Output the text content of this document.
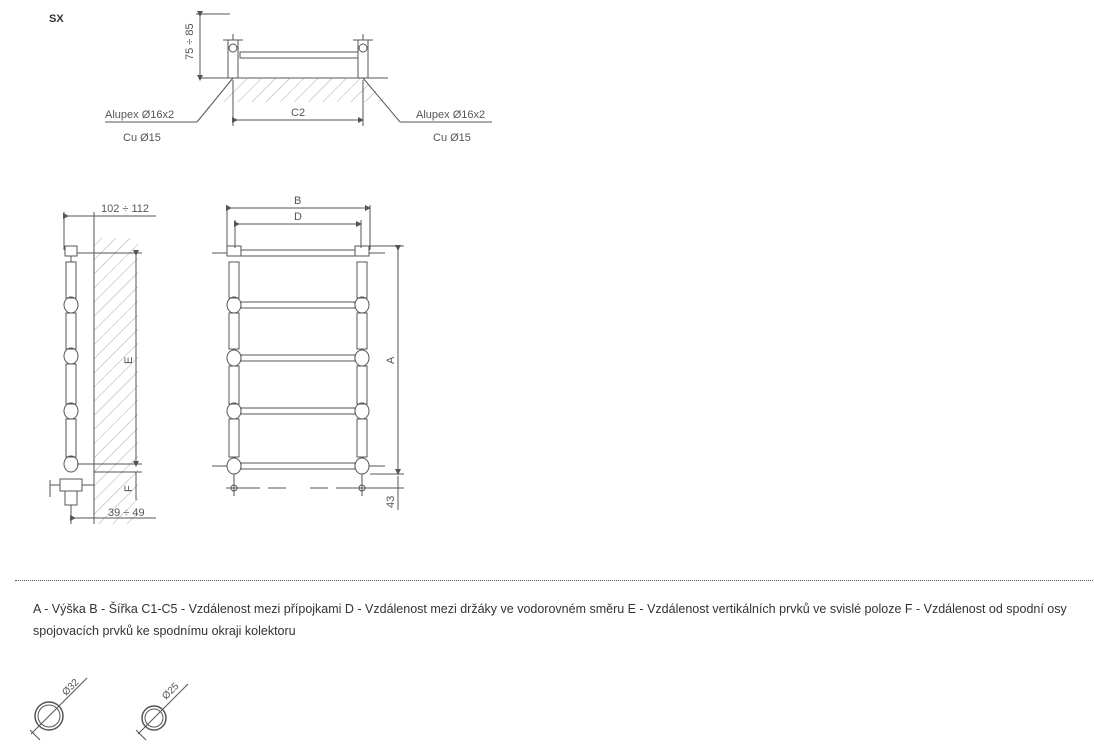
SX
75 ÷ 85
C2
Alupex Ø16x2
Cu Ø15
Alupex Ø16x2
Cu Ø15
102 ÷ 112
E
F
39 ÷ 49
B
D
A
43

A - Výška B - Šířka C1-C5 - Vzdálenost mezi přípojkami D - Vzdálenost mezi držáky ve vodorovném směru E - Vzdálenost vertikálních prvků ve svislé poloze F - Vzdálenost od spodní osy spojovacích prvků ke spodnímu okraji kolektoru

Ø32	Ø25
